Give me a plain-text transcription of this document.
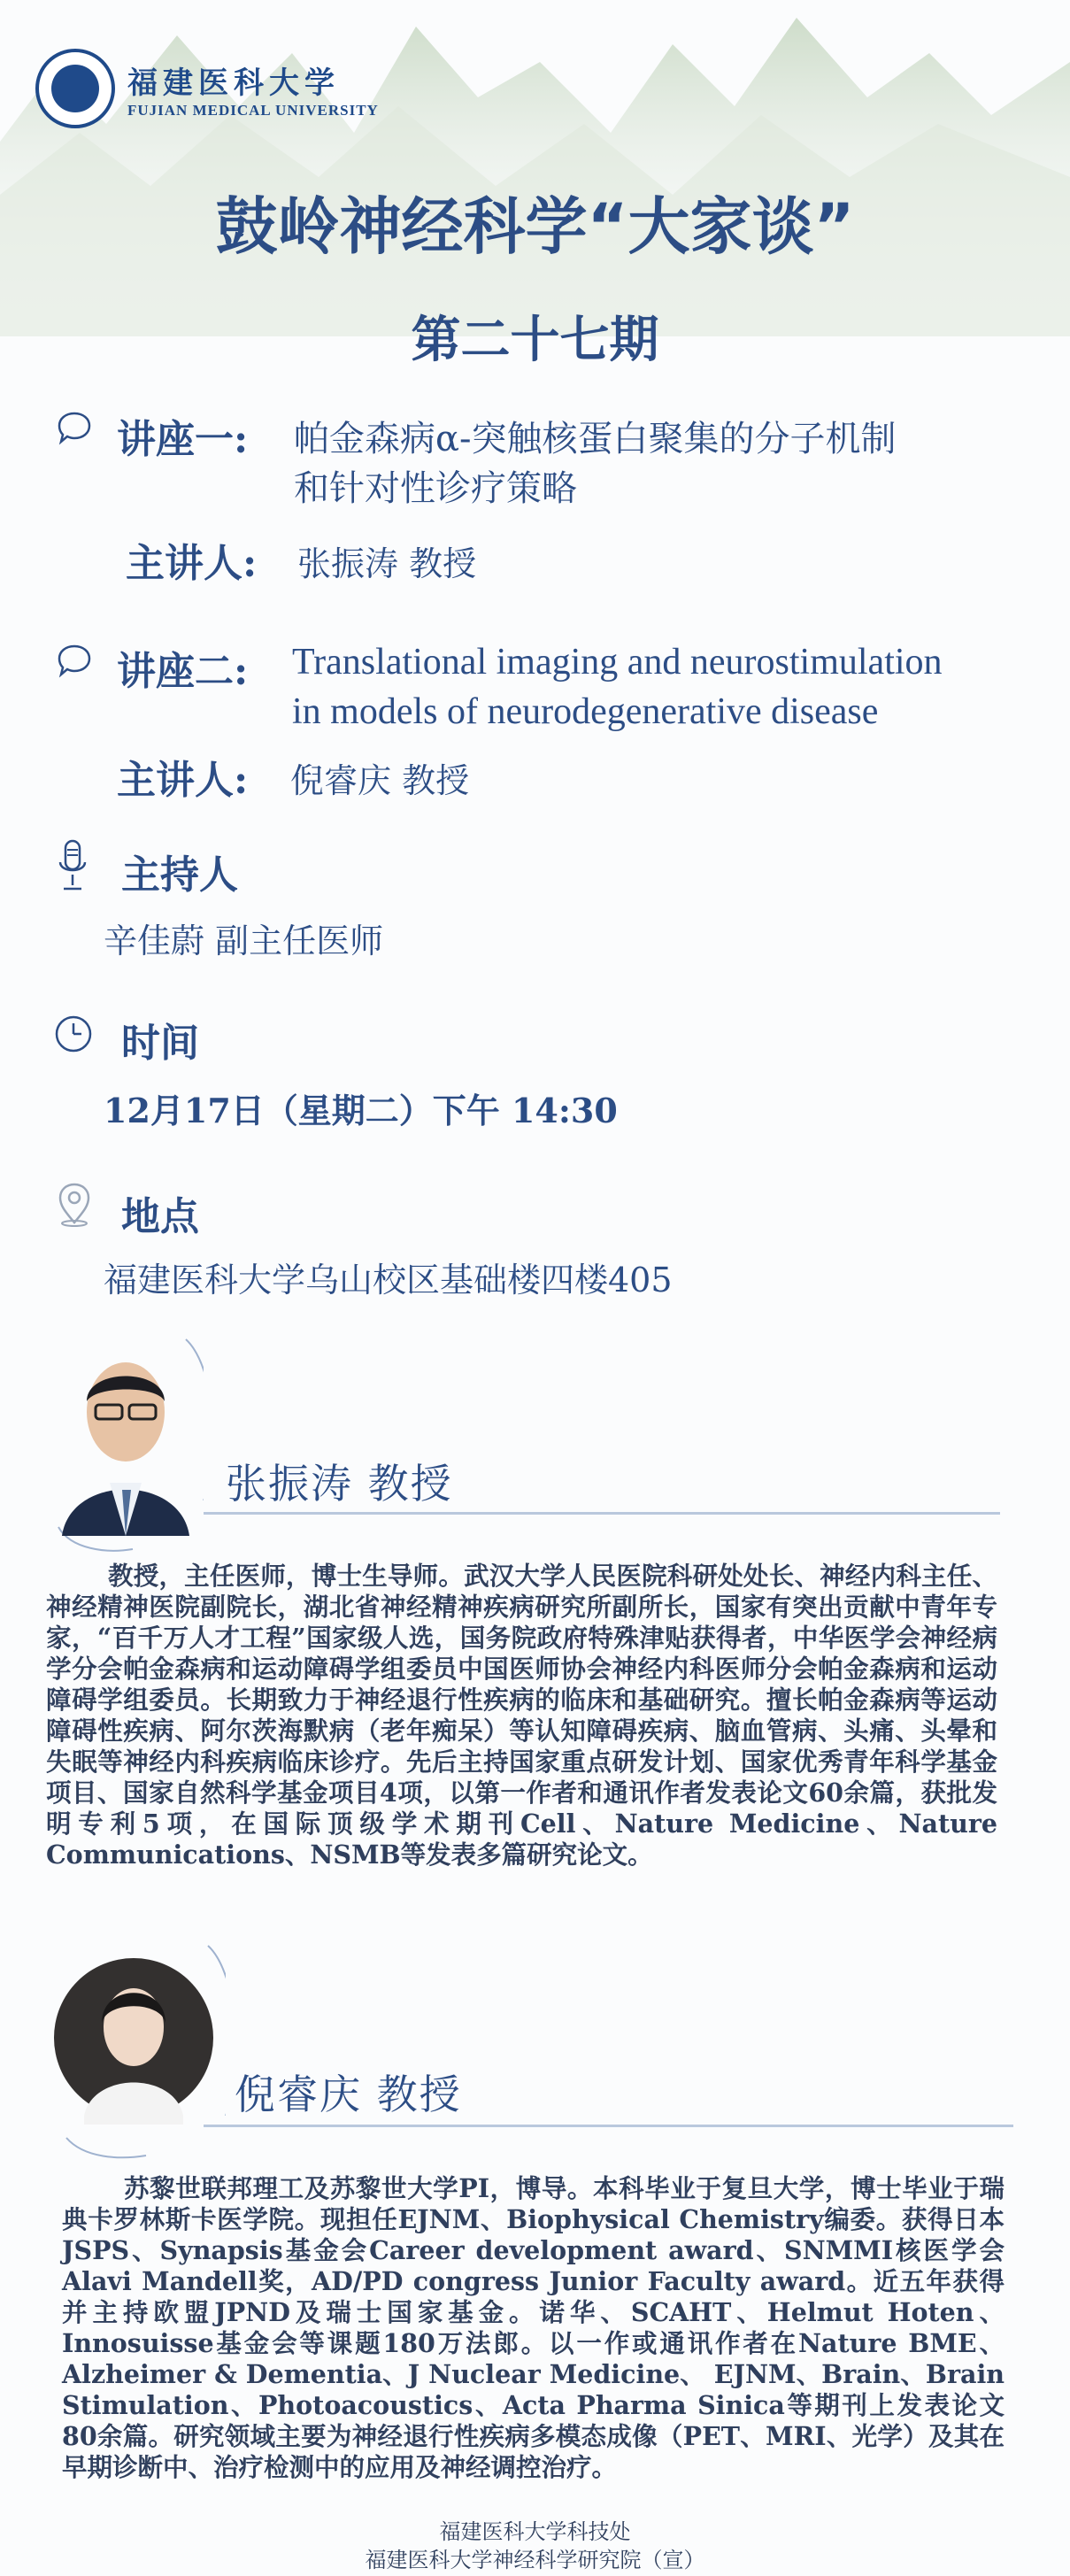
福建医科大学
FUJIAN MEDICAL UNIVERSITY
鼓岭神经科学“大家谈”
第二十七期
讲座一: 帕金森病α-突触核蛋白聚集的分子机制
和针对性诊疗策略
主讲人: 张振涛 教授
讲座二: Translational imaging and neurostimulation
in models of neurodegenerative disease
主讲人: 倪睿庆 教授
主持人
辛佳蔚 副主任医师
时间
12月17日（星期二）下午 14:30
地点
福建医科大学乌山校区基础楼四楼405
张振涛 教授
教授，主任医师，博士生导师。武汉大学人民医院科研处处长、神经内科主任、神经精神医院副院长，湖北省神经精神疾病研究所副所长，国家有突出贡献中青年专家，“百千万人才工程”国家级人选，国务院政府特殊津贴获得者，中华医学会神经病学分会帕金森病和运动障碍学组委员中国医师协会神经内科医师分会帕金森病和运动障碍学组委员。长期致力于神经退行性疾病的临床和基础研究。擅长帕金森病等运动障碍性疾病、阿尔茨海默病（老年痴呆）等认知障碍疾病、脑血管病、头痛、头晕和失眠等神经内科疾病临床诊疗。先后主持国家重点研发计划、国家优秀青年科学基金项目、国家自然科学基金项目4项，以第一作者和通讯作者发表论文60余篇，获批发明专利5项，在国际顶级学术期刊Cell、Nature Medicine、Nature Communications、NSMB等发表多篇研究论文。
倪睿庆 教授
苏黎世联邦理工及苏黎世大学PI，博导。本科毕业于复旦大学，博士毕业于瑞典卡罗林斯卡医学院。现担任EJNM、Biophysical Chemistry编委。获得日本JSPS、Synapsis基金会Career development award、SNMMI核医学会Alavi Mandell奖，AD/PD congress Junior Faculty award。近五年获得并主持欧盟JPND及瑞士国家基金。诺华、SCAHT、Helmut Hoten、Innosuisse基金会等课题180万法郎。以一作或通讯作者在Nature BME、 Alzheimer & Dementia、J Nuclear Medicine、 EJNM、Brain、Brain Stimulation、Photoacoustics、Acta Pharma Sinica等期刊上发表论文80余篇。研究领域主要为神经退行性疾病多模态成像（PET、MRI、光学）及其在早期诊断中、治疗检测中的应用及神经调控治疗。
福建医科大学科技处
福建医科大学神经科学研究院（宣）
